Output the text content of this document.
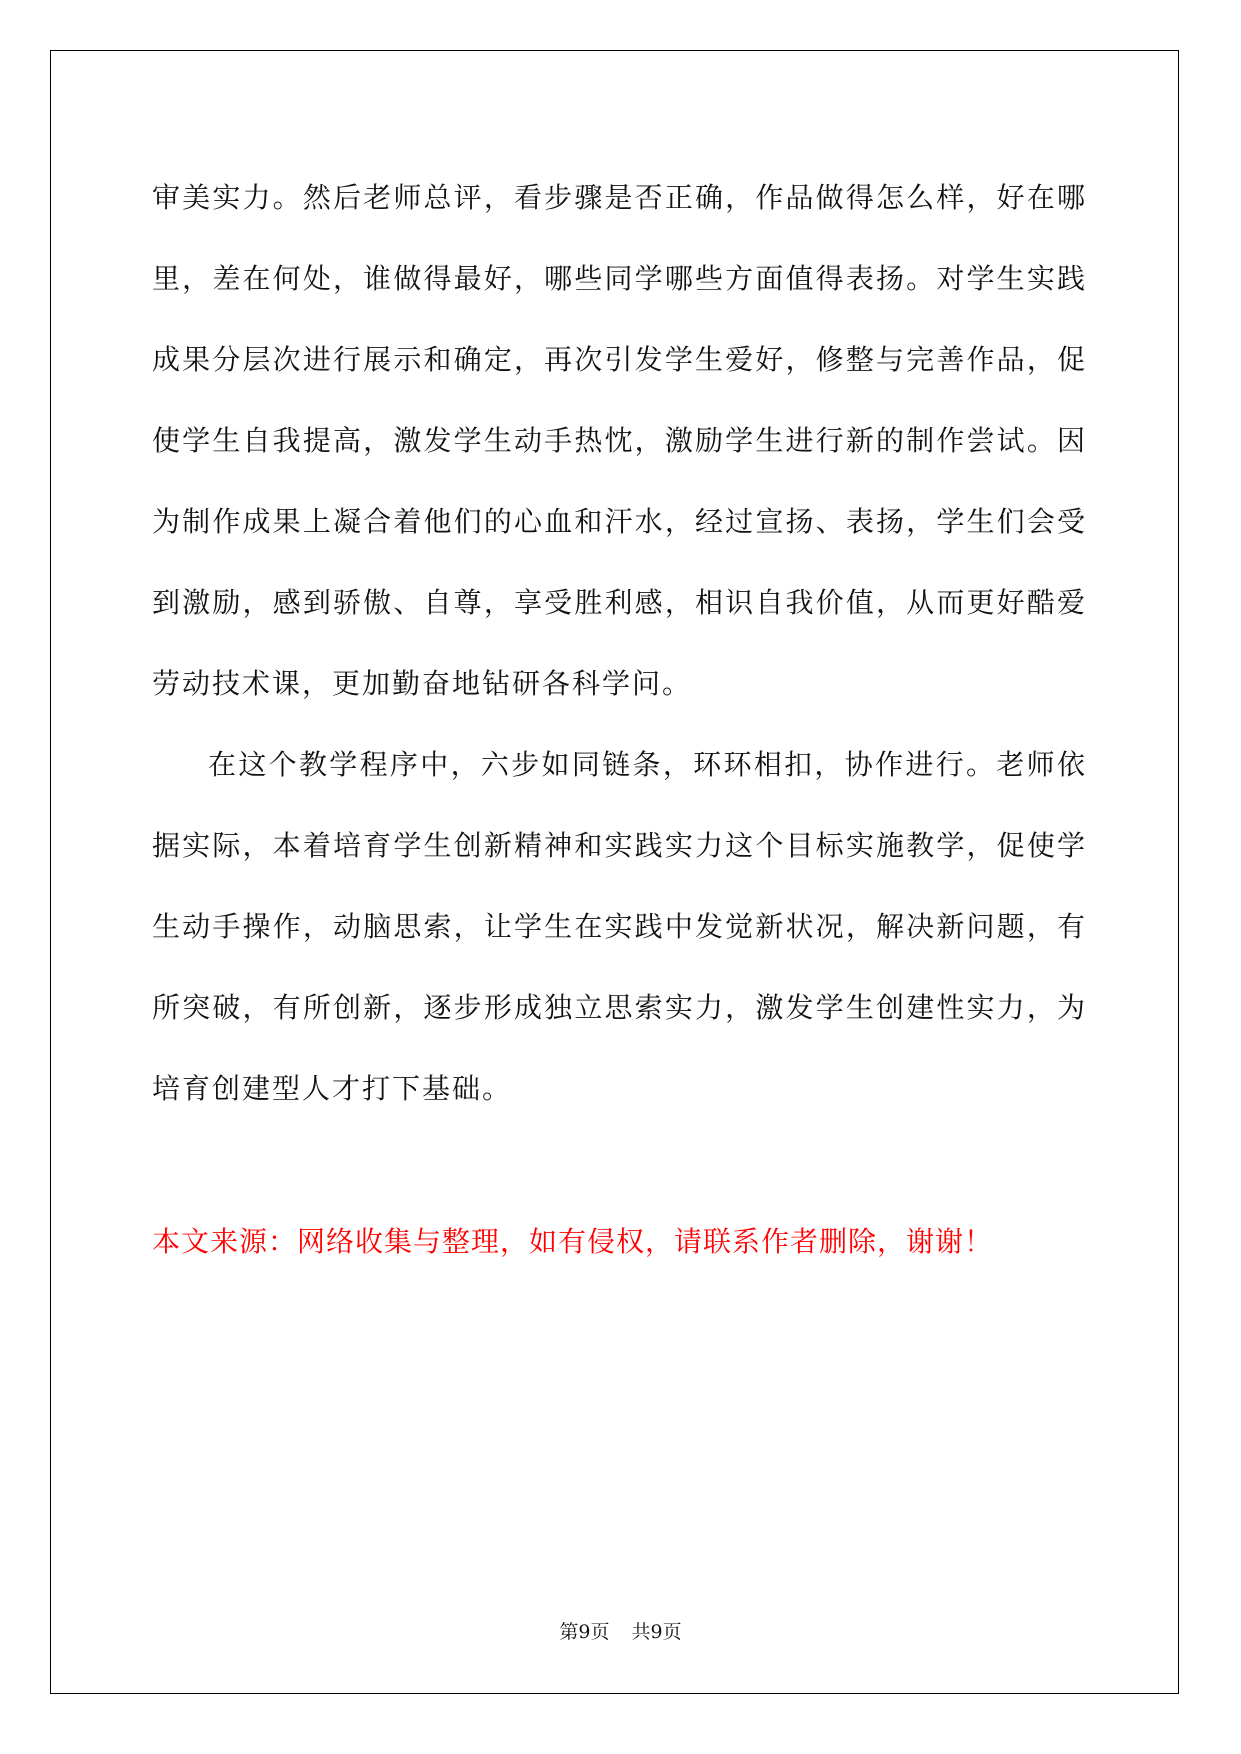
审美实力。然后老师总评，看步骤是否正确，作品做得怎么样，好在哪里，差在何处，谁做得最好，哪些同学哪些方面值得表扬。对学生实践成果分层次进行展示和确定，再次引发学生爱好，修整与完善作品，促使学生自我提高，激发学生动手热忱，激励学生进行新的制作尝试。因为制作成果上凝合着他们的心血和汗水，经过宣扬、表扬，学生们会受到激励，感到骄傲、自尊，享受胜利感，相识自我价值，从而更好酷爱劳动技术课，更加勤奋地钻研各科学问。

在这个教学程序中，六步如同链条，环环相扣，协作进行。老师依据实际，本着培育学生创新精神和实践实力这个目标实施教学，促使学生动手操作，动脑思索，让学生在实践中发觉新状况，解决新问题，有所突破，有所创新，逐步形成独立思索实力，激发学生创建性实力，为培育创建型人才打下基础。

本文来源：网络收集与整理，如有侵权，请联系作者删除，谢谢！
第9页 共9页
